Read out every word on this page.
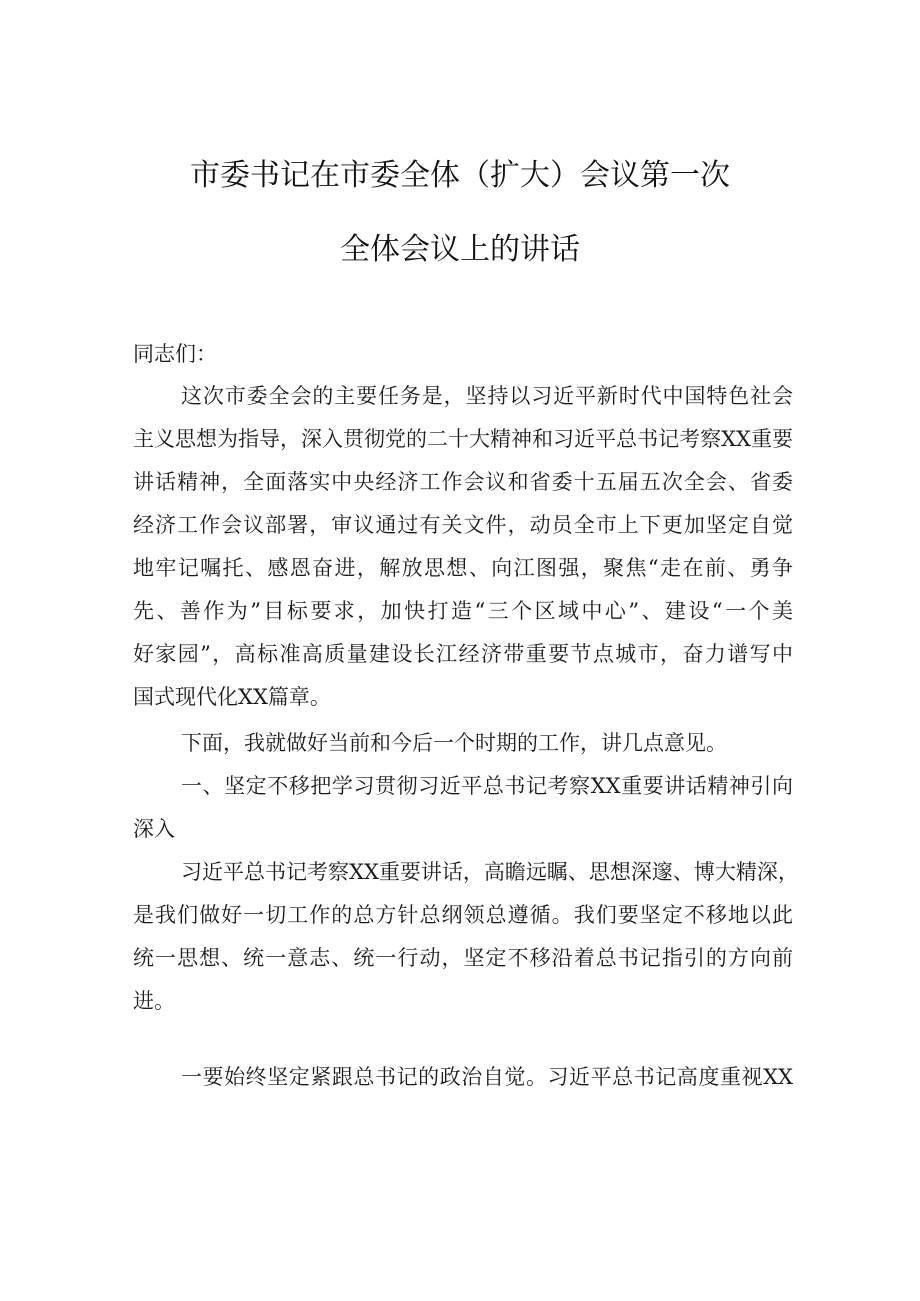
市委书记在市委全体（扩大）会议第一次
全体会议上的讲话
同志们：
这次市委全会的主要任务是，坚持以习近平新时代中国特色社会
主义思想为指导，深入贯彻党的二十大精神和习近平总书记考察XX重要
讲话精神，全面落实中央经济工作会议和省委十五届五次全会、省委
经济工作会议部署，审议通过有关文件，动员全市上下更加坚定自觉
地牢记嘱托、感恩奋进，解放思想、向江图强，聚焦“走在前、勇争
先、善作为”目标要求，加快打造“三个区域中心”、建设“一个美
好家园”，高标准高质量建设长江经济带重要节点城市，奋力谱写中
国式现代化XX篇章。
下面，我就做好当前和今后一个时期的工作，讲几点意见。
一、坚定不移把学习贯彻习近平总书记考察XX重要讲话精神引向
深入
习近平总书记考察XX重要讲话，高瞻远瞩、思想深邃、博大精深，
是我们做好一切工作的总方针总纲领总遵循。我们要坚定不移地以此
统一思想、统一意志、统一行动，坚定不移沿着总书记指引的方向前
进。
一要始终坚定紧跟总书记的政治自觉。习近平总书记高度重视XX
